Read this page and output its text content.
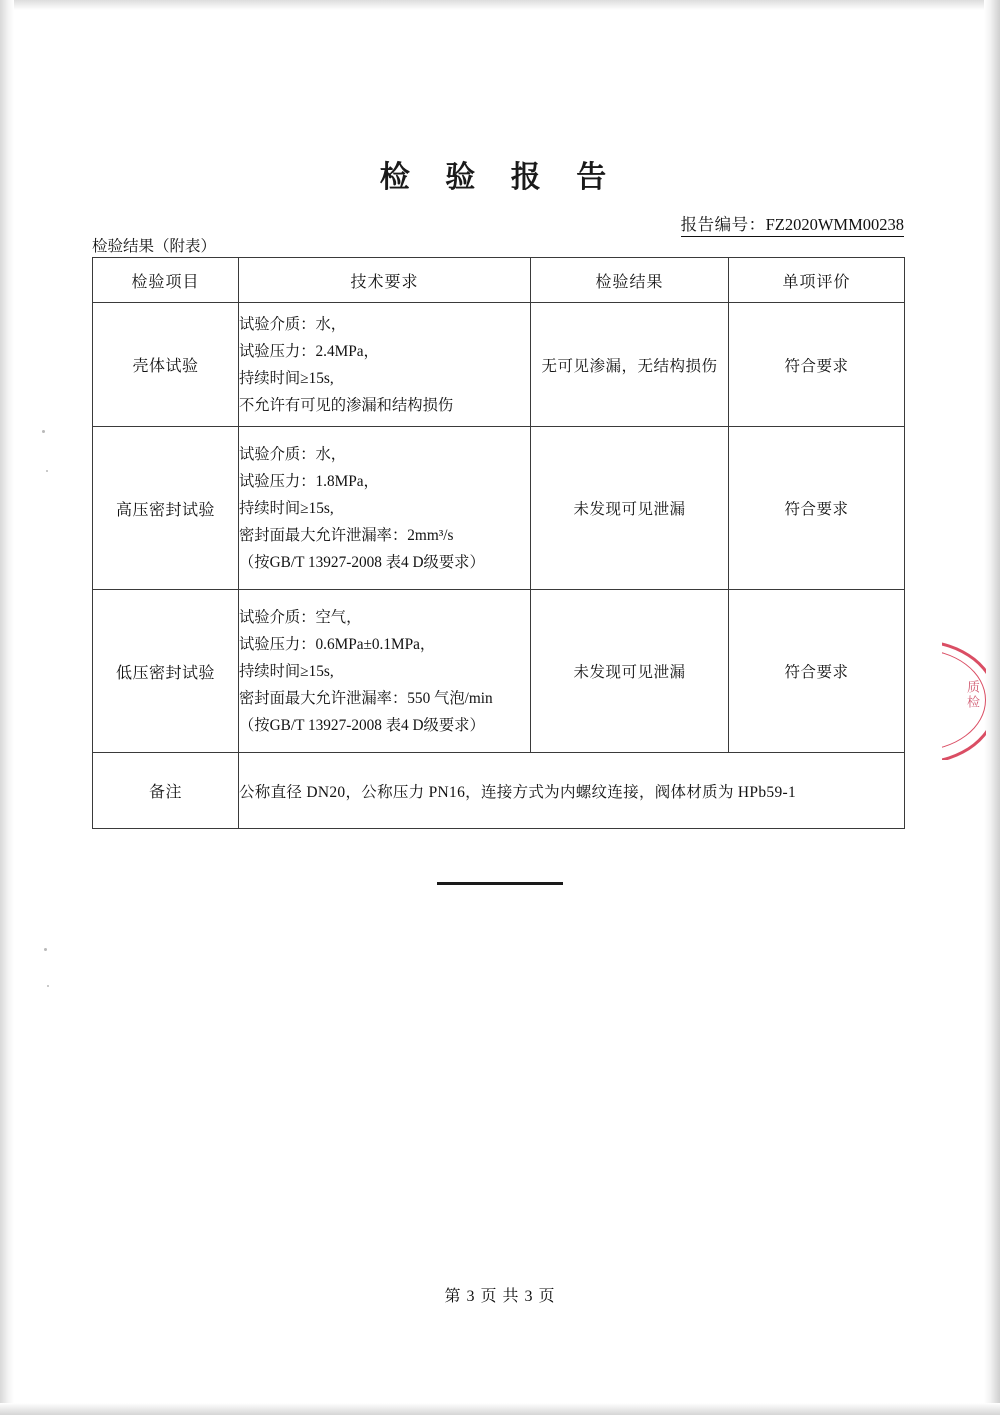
检 验 报 告
报告编号：FZ2020WMM00238
检验结果（附表）
检验项目	技术要求	检验结果	单项评价
壳体试验	试验介质：水，
试验压力：2.4MPa，
持续时间≥15s,
不允许有可见的渗漏和结构损伤	无可见渗漏，无结构损伤	符合要求
高压密封试验	试验介质：水，
试验压力：1.8MPa，
持续时间≥15s,
密封面最大允许泄漏率：2mm³/s
（按GB/T 13927-2008 表4 D级要求）	未发现可见泄漏	符合要求
低压密封试验	试验介质：空气，
试验压力：0.6MPa±0.1MPa，
持续时间≥15s,
密封面最大允许泄漏率：550 气泡/min
（按GB/T 13927-2008 表4 D级要求）	未发现可见泄漏	符合要求
备注	公称直径 DN20，公称压力 PN16，连接方式为内螺纹连接，阀体材质为 HPb59-1		
质检
第 3 页 共 3 页
